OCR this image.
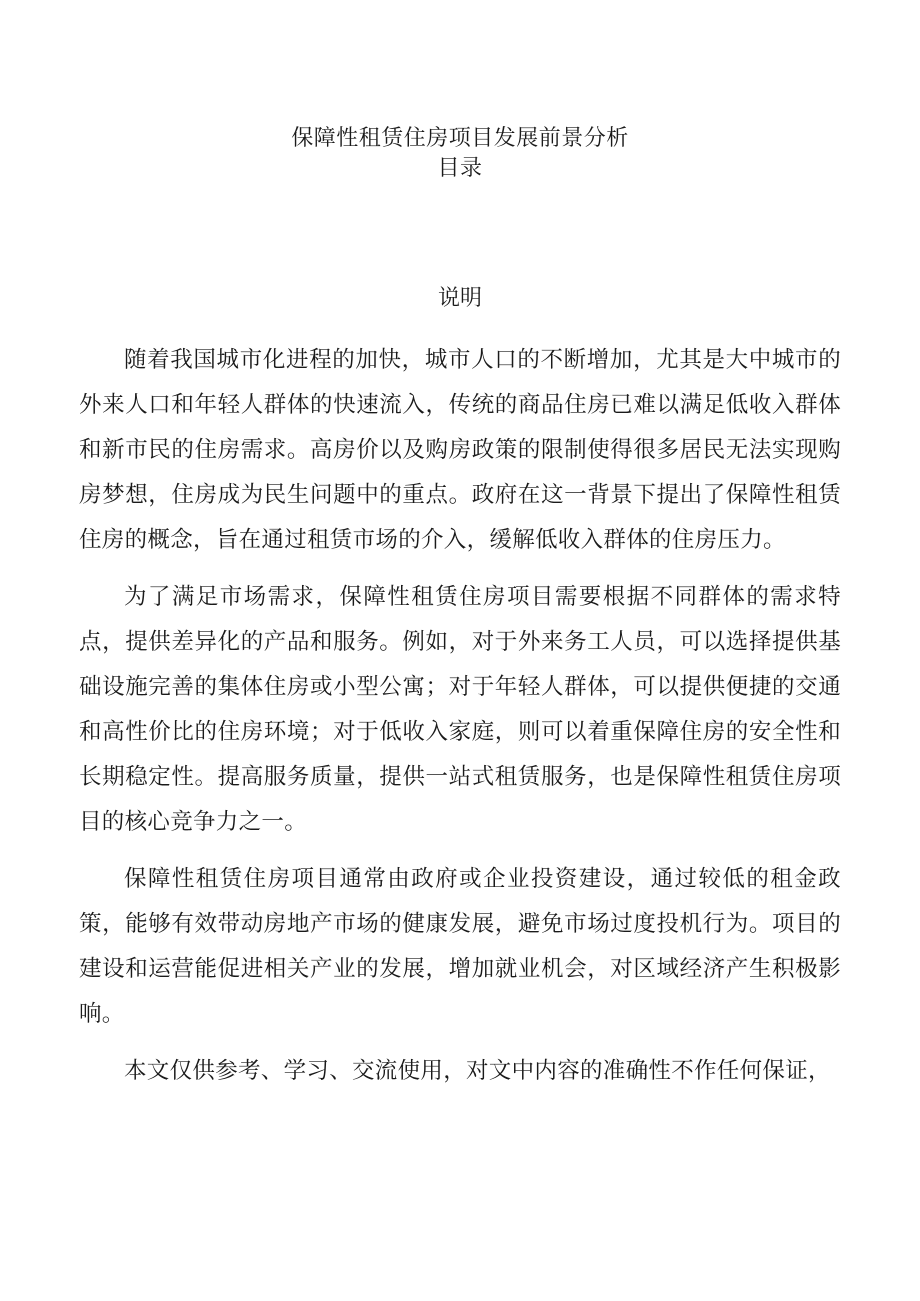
保障性租赁住房项目发展前景分析
目录
说明

随着我国城市化进程的加快，城市人口的不断增加，尤其是大中城市的外来人口和年轻人群体的快速流入，传统的商品住房已难以满足低收入群体和新市民的住房需求。高房价以及购房政策的限制使得很多居民无法实现购房梦想，住房成为民生问题中的重点。政府在这一背景下提出了保障性租赁住房的概念，旨在通过租赁市场的介入，缓解低收入群体的住房压力。

为了满足市场需求，保障性租赁住房项目需要根据不同群体的需求特点，提供差异化的产品和服务。例如，对于外来务工人员，可以选择提供基础设施完善的集体住房或小型公寓；对于年轻人群体，可以提供便捷的交通和高性价比的住房环境；对于低收入家庭，则可以着重保障住房的安全性和长期稳定性。提高服务质量，提供一站式租赁服务，也是保障性租赁住房项目的核心竞争力之一。

保障性租赁住房项目通常由政府或企业投资建设，通过较低的租金政策，能够有效带动房地产市场的健康发展，避免市场过度投机行为。项目的建设和运营能促进相关产业的发展，增加就业机会，对区域经济产生积极影响。

本文仅供参考、学习、交流使用，对文中内容的准确性不作任何保证，
